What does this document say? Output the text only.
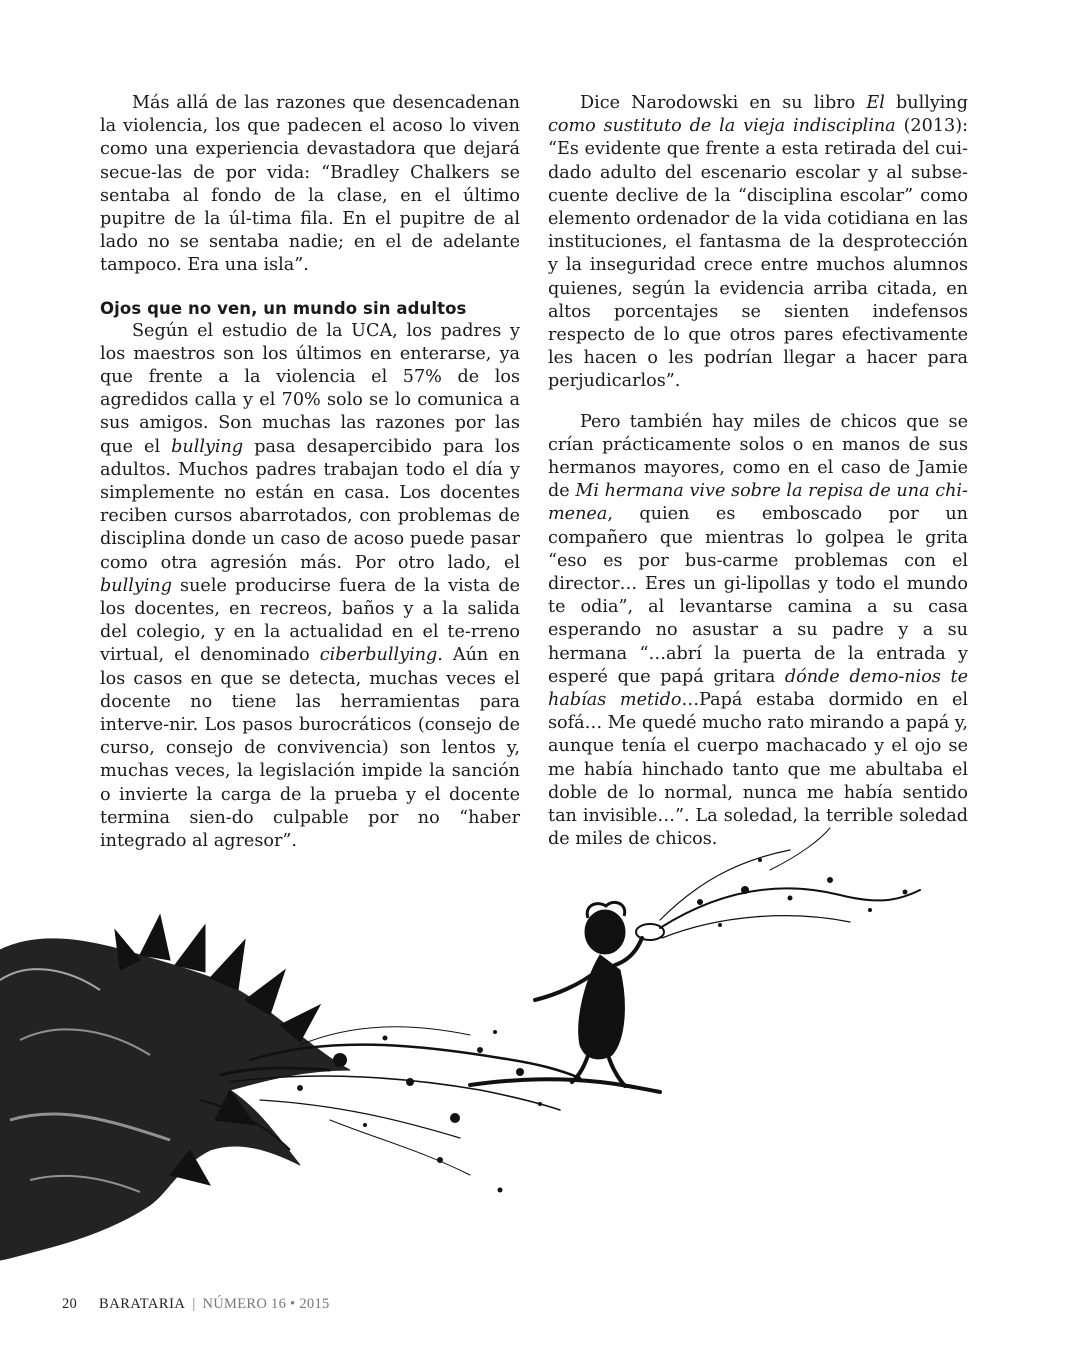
Más allá de las razones que desencadenan la violencia, los que padecen el acoso lo viven como una experiencia devastadora que dejará secue-las de por vida: “Bradley Chalkers se sentaba al fondo de la clase, en el último pupitre de la úl-tima fila. En el pupitre de al lado no se sentaba nadie; en el de adelante tampoco. Era una isla”.

Ojos que no ven, un mundo sin adultos

Según el estudio de la UCA, los padres y los maestros son los últimos en enterarse, ya que frente a la violencia el 57% de los agredidos calla y el 70% solo se lo comunica a sus amigos. Son muchas las razones por las que el bullying pasa desapercibido para los adultos. Muchos padres trabajan todo el día y simplemente no están en casa. Los docentes reciben cursos abarrotados, con problemas de disciplina donde un caso de acoso puede pasar como otra agresión más. Por otro lado, el bullying suele producirse fuera de la vista de los docentes, en recreos, baños y a la salida del colegio, y en la actualidad en el te-rreno virtual, el denominado ciberbullying. Aún en los casos en que se detecta, muchas veces el docente no tiene las herramientas para interve-nir. Los pasos burocráticos (consejo de curso, consejo de convivencia) son lentos y, muchas veces, la legislación impide la sanción o invierte la carga de la prueba y el docente termina sien-do culpable por no “haber integrado al agresor”.

Dice Narodowski en su libro El bullying como sustituto de la vieja indisciplina (2013): “Es evidente que frente a esta retirada del cui-dado adulto del escenario escolar y al subse-cuente declive de la “disciplina escolar” como elemento ordenador de la vida cotidiana en las instituciones, el fantasma de la desprotección y la inseguridad crece entre muchos alumnos quienes, según la evidencia arriba citada, en altos porcentajes se sienten indefensos respecto de lo que otros pares efectivamente les hacen o les podrían llegar a hacer para perjudicarlos”.

Pero también hay miles de chicos que se crían prácticamente solos o en manos de sus hermanos mayores, como en el caso de Jamie de Mi hermana vive sobre la repisa de una chi-menea, quien es emboscado por un compañero que mientras lo golpea le grita “eso es por bus-carme problemas con el director… Eres un gi-lipollas y todo el mundo te odia”, al levantarse camina a su casa esperando no asustar a su padre y a su hermana “…abrí la puerta de la entrada y esperé que papá gritara dónde demo-nios te habías metido…Papá estaba dormido en el sofá… Me quedé mucho rato mirando a papá y, aunque tenía el cuerpo machacado y el ojo se me había hinchado tanto que me abultaba el doble de lo normal, nunca me había sentido tan invisible…”. La soledad, la terrible soledad de miles de chicos.

20 BARATARIA | NÚMERO 16 • 2015
